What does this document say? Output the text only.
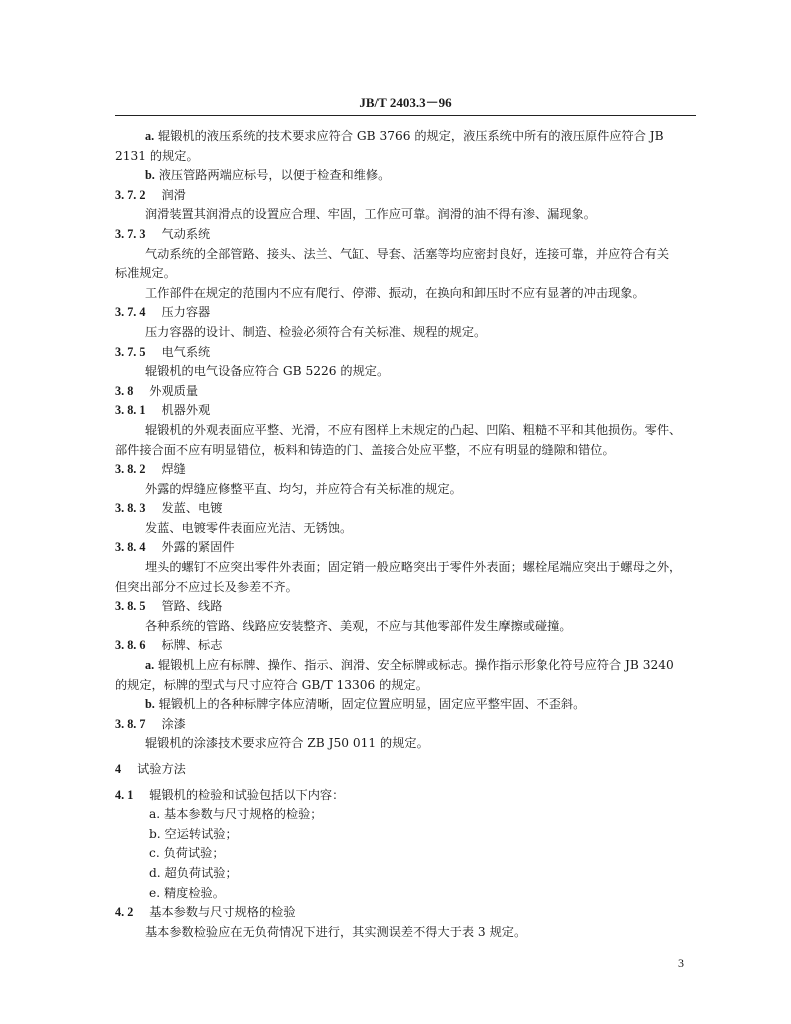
JB/T 2403.3－96
a. 辊锻机的液压系统的技术要求应符合 GB 3766 的规定，液压系统中所有的液压原件应符合 JB
2131 的规定。
b. 液压管路两端应标号，以便于检查和维修。
3. 7. 2 润滑
润滑装置其润滑点的设置应合理、牢固，工作应可靠。润滑的油不得有渗、漏现象。
3. 7. 3 气动系统
气动系统的全部管路、接头、法兰、气缸、导套、活塞等均应密封良好，连接可靠，并应符合有关
标准规定。
工作部件在规定的范围内不应有爬行、停滞、振动，在换向和卸压时不应有显著的冲击现象。
3. 7. 4 压力容器
压力容器的设计、制造、检验必须符合有关标准、规程的规定。
3. 7. 5 电气系统
辊锻机的电气设备应符合 GB 5226 的规定。
3. 8 外观质量
3. 8. 1 机器外观
辊锻机的外观表面应平整、光滑，不应有图样上未规定的凸起、凹陷、粗糙不平和其他损伤。零件、
部件接合面不应有明显错位，板料和铸造的门、盖接合处应平整，不应有明显的缝隙和错位。
3. 8. 2 焊缝
外露的焊缝应修整平直、均匀，并应符合有关标准的规定。
3. 8. 3 发蓝、电镀
发蓝、电镀零件表面应光洁、无锈蚀。
3. 8. 4 外露的紧固件
埋头的螺钉不应突出零件外表面；固定销一般应略突出于零件外表面；螺栓尾端应突出于螺母之外，
但突出部分不应过长及参差不齐。
3. 8. 5 管路、线路
各种系统的管路、线路应安装整齐、美观，不应与其他零部件发生摩擦或碰撞。
3. 8. 6 标牌、标志
a. 辊锻机上应有标牌、操作、指示、润滑、安全标牌或标志。操作指示形象化符号应符合 JB 3240
的规定，标牌的型式与尺寸应符合 GB/T 13306 的规定。
b. 辊锻机上的各种标牌字体应清晰，固定位置应明显，固定应平整牢固、不歪斜。
3. 8. 7 涂漆
辊锻机的涂漆技术要求应符合 ZB J50 011 的规定。
4 试验方法
4. 1 辊锻机的检验和试验包括以下内容：
a. 基本参数与尺寸规格的检验；
b. 空运转试验；
c. 负荷试验；
d. 超负荷试验；
e. 精度检验。
4. 2 基本参数与尺寸规格的检验
基本参数检验应在无负荷情况下进行，其实测误差不得大于表 3 规定。
3
